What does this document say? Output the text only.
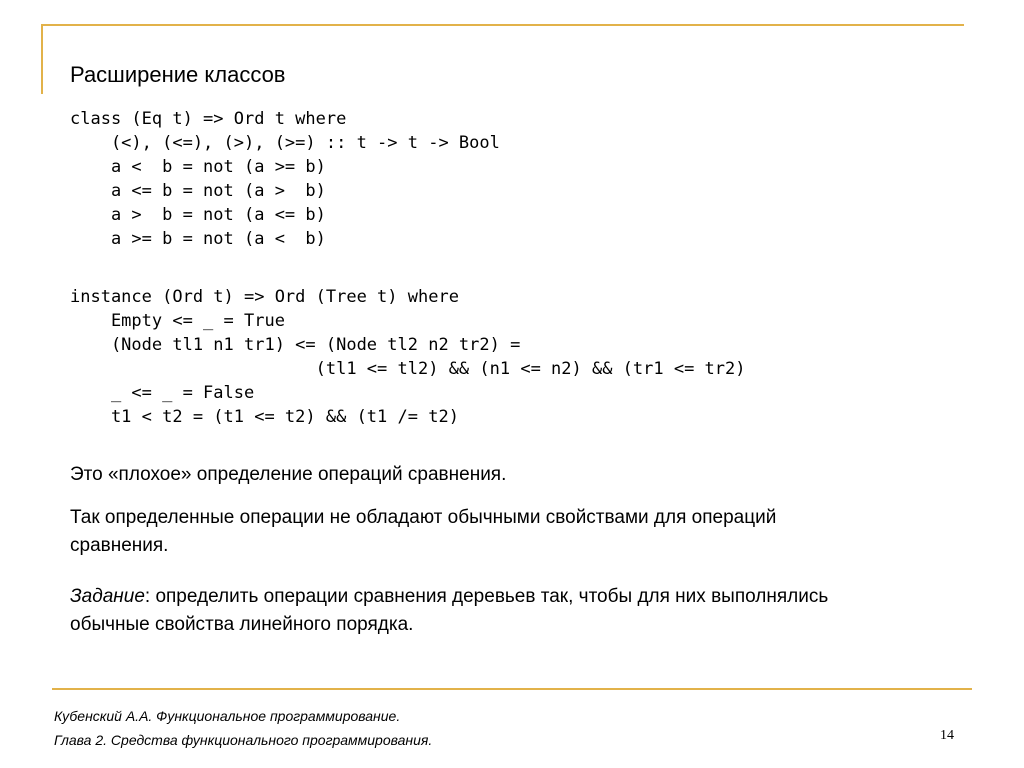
Расширение классов
class (Eq t) => Ord t where
(<), (<=), (>), (>=) :: t -> t -> Bool
a <  b = not (a >= b)
a <= b = not (a >  b)
a >  b = not (a <= b)
a >= b = not (a <  b)
instance (Ord t) => Ord (Tree t) where
Empty <= _ = True
(Node tl1 n1 tr1) <= (Node tl2 n2 tr2) =
(tl1 <= tl2) && (n1 <= n2) && (tr1 <= tr2)
_ <= _ = False
t1 < t2 = (t1 <= t2) && (t1 /= t2)

Это «плохое» определение операций сравнения.

Так определенные операции не обладают обычными свойствами для операций сравнения.

Задание: определить операции сравнения деревьев так, чтобы для них выполнялись обычные свойства линейного порядка.

Кубенский А.А. Функциональное программирование.
Глава 2. Средства функционального программирования.	14
